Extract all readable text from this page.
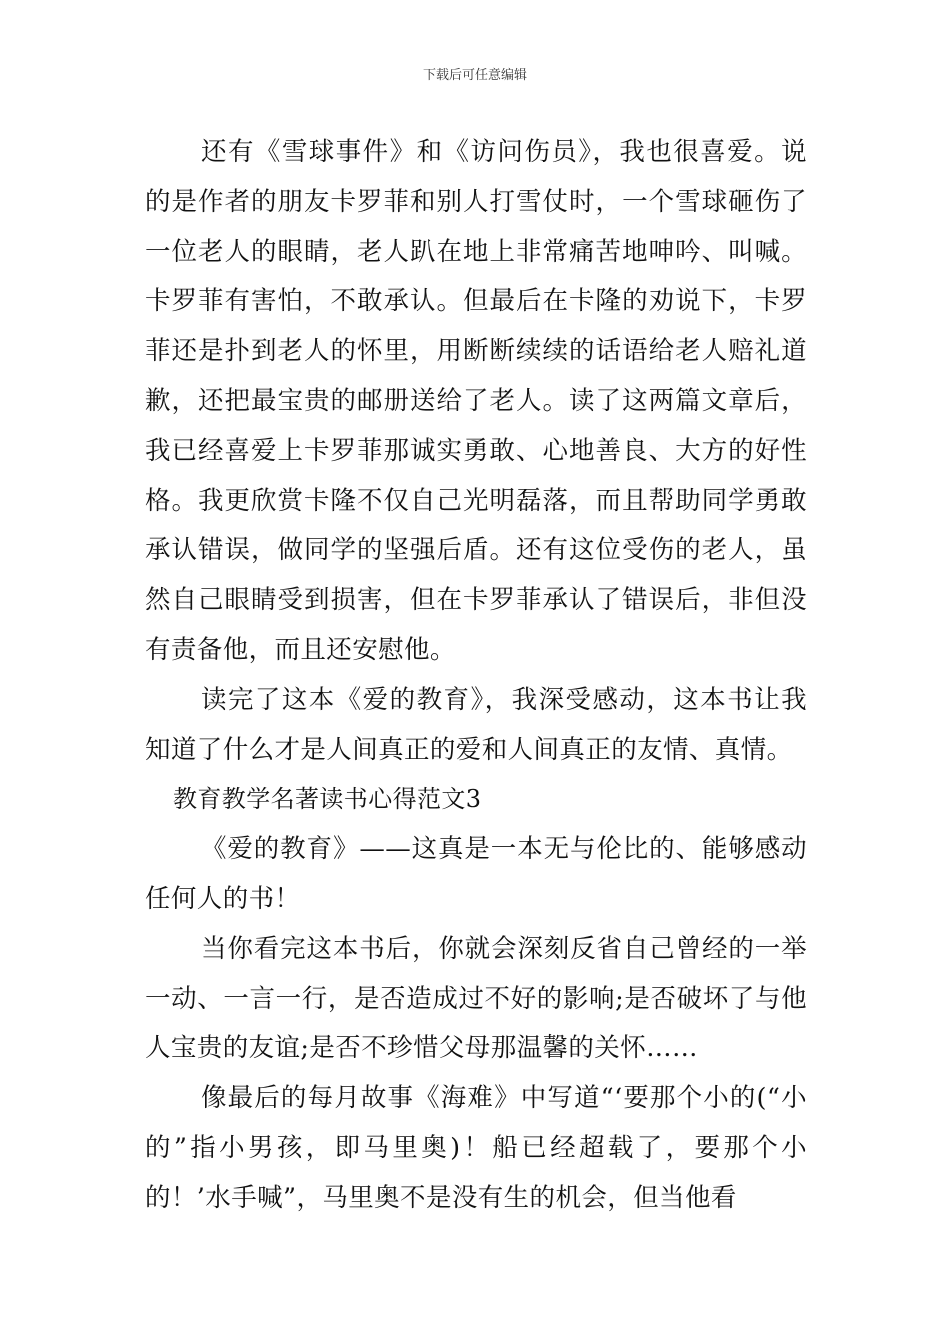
下载后可任意编辑

还有《雪球事件》和《访问伤员》，我也很喜爱。说的是作者的朋友卡罗菲和别人打雪仗时，一个雪球砸伤了一位老人的眼睛，老人趴在地上非常痛苦地呻吟、叫喊。卡罗菲有害怕，不敢承认。但最后在卡隆的劝说下，卡罗菲还是扑到老人的怀里，用断断续续的话语给老人赔礼道歉，还把最宝贵的邮册送给了老人。读了这两篇文章后，我已经喜爱上卡罗菲那诚实勇敢、心地善良、大方的好性格。我更欣赏卡隆不仅自己光明磊落，而且帮助同学勇敢承认错误，做同学的坚强后盾。还有这位受伤的老人，虽然自己眼睛受到损害，但在卡罗菲承认了错误后，非但没有责备他，而且还安慰他。

读完了这本《爱的教育》，我深受感动，这本书让我知道了什么才是人间真正的爱和人间真正的友情、真情。

教育教学名著读书心得范文3

《爱的教育》——这真是一本无与伦比的、能够感动任何人的书！

当你看完这本书后，你就会深刻反省自己曾经的一举一动、一言一行，是否造成过不好的影响;是否破坏了与他人宝贵的友谊;是否不珍惜父母那温馨的关怀……

像最后的每月故事《海难》中写道“‘要那个小的(“小的”指小男孩，即马里奥)！船已经超载了，要那个小的！’水手喊”，马里奥不是没有生的机会，但当他看
